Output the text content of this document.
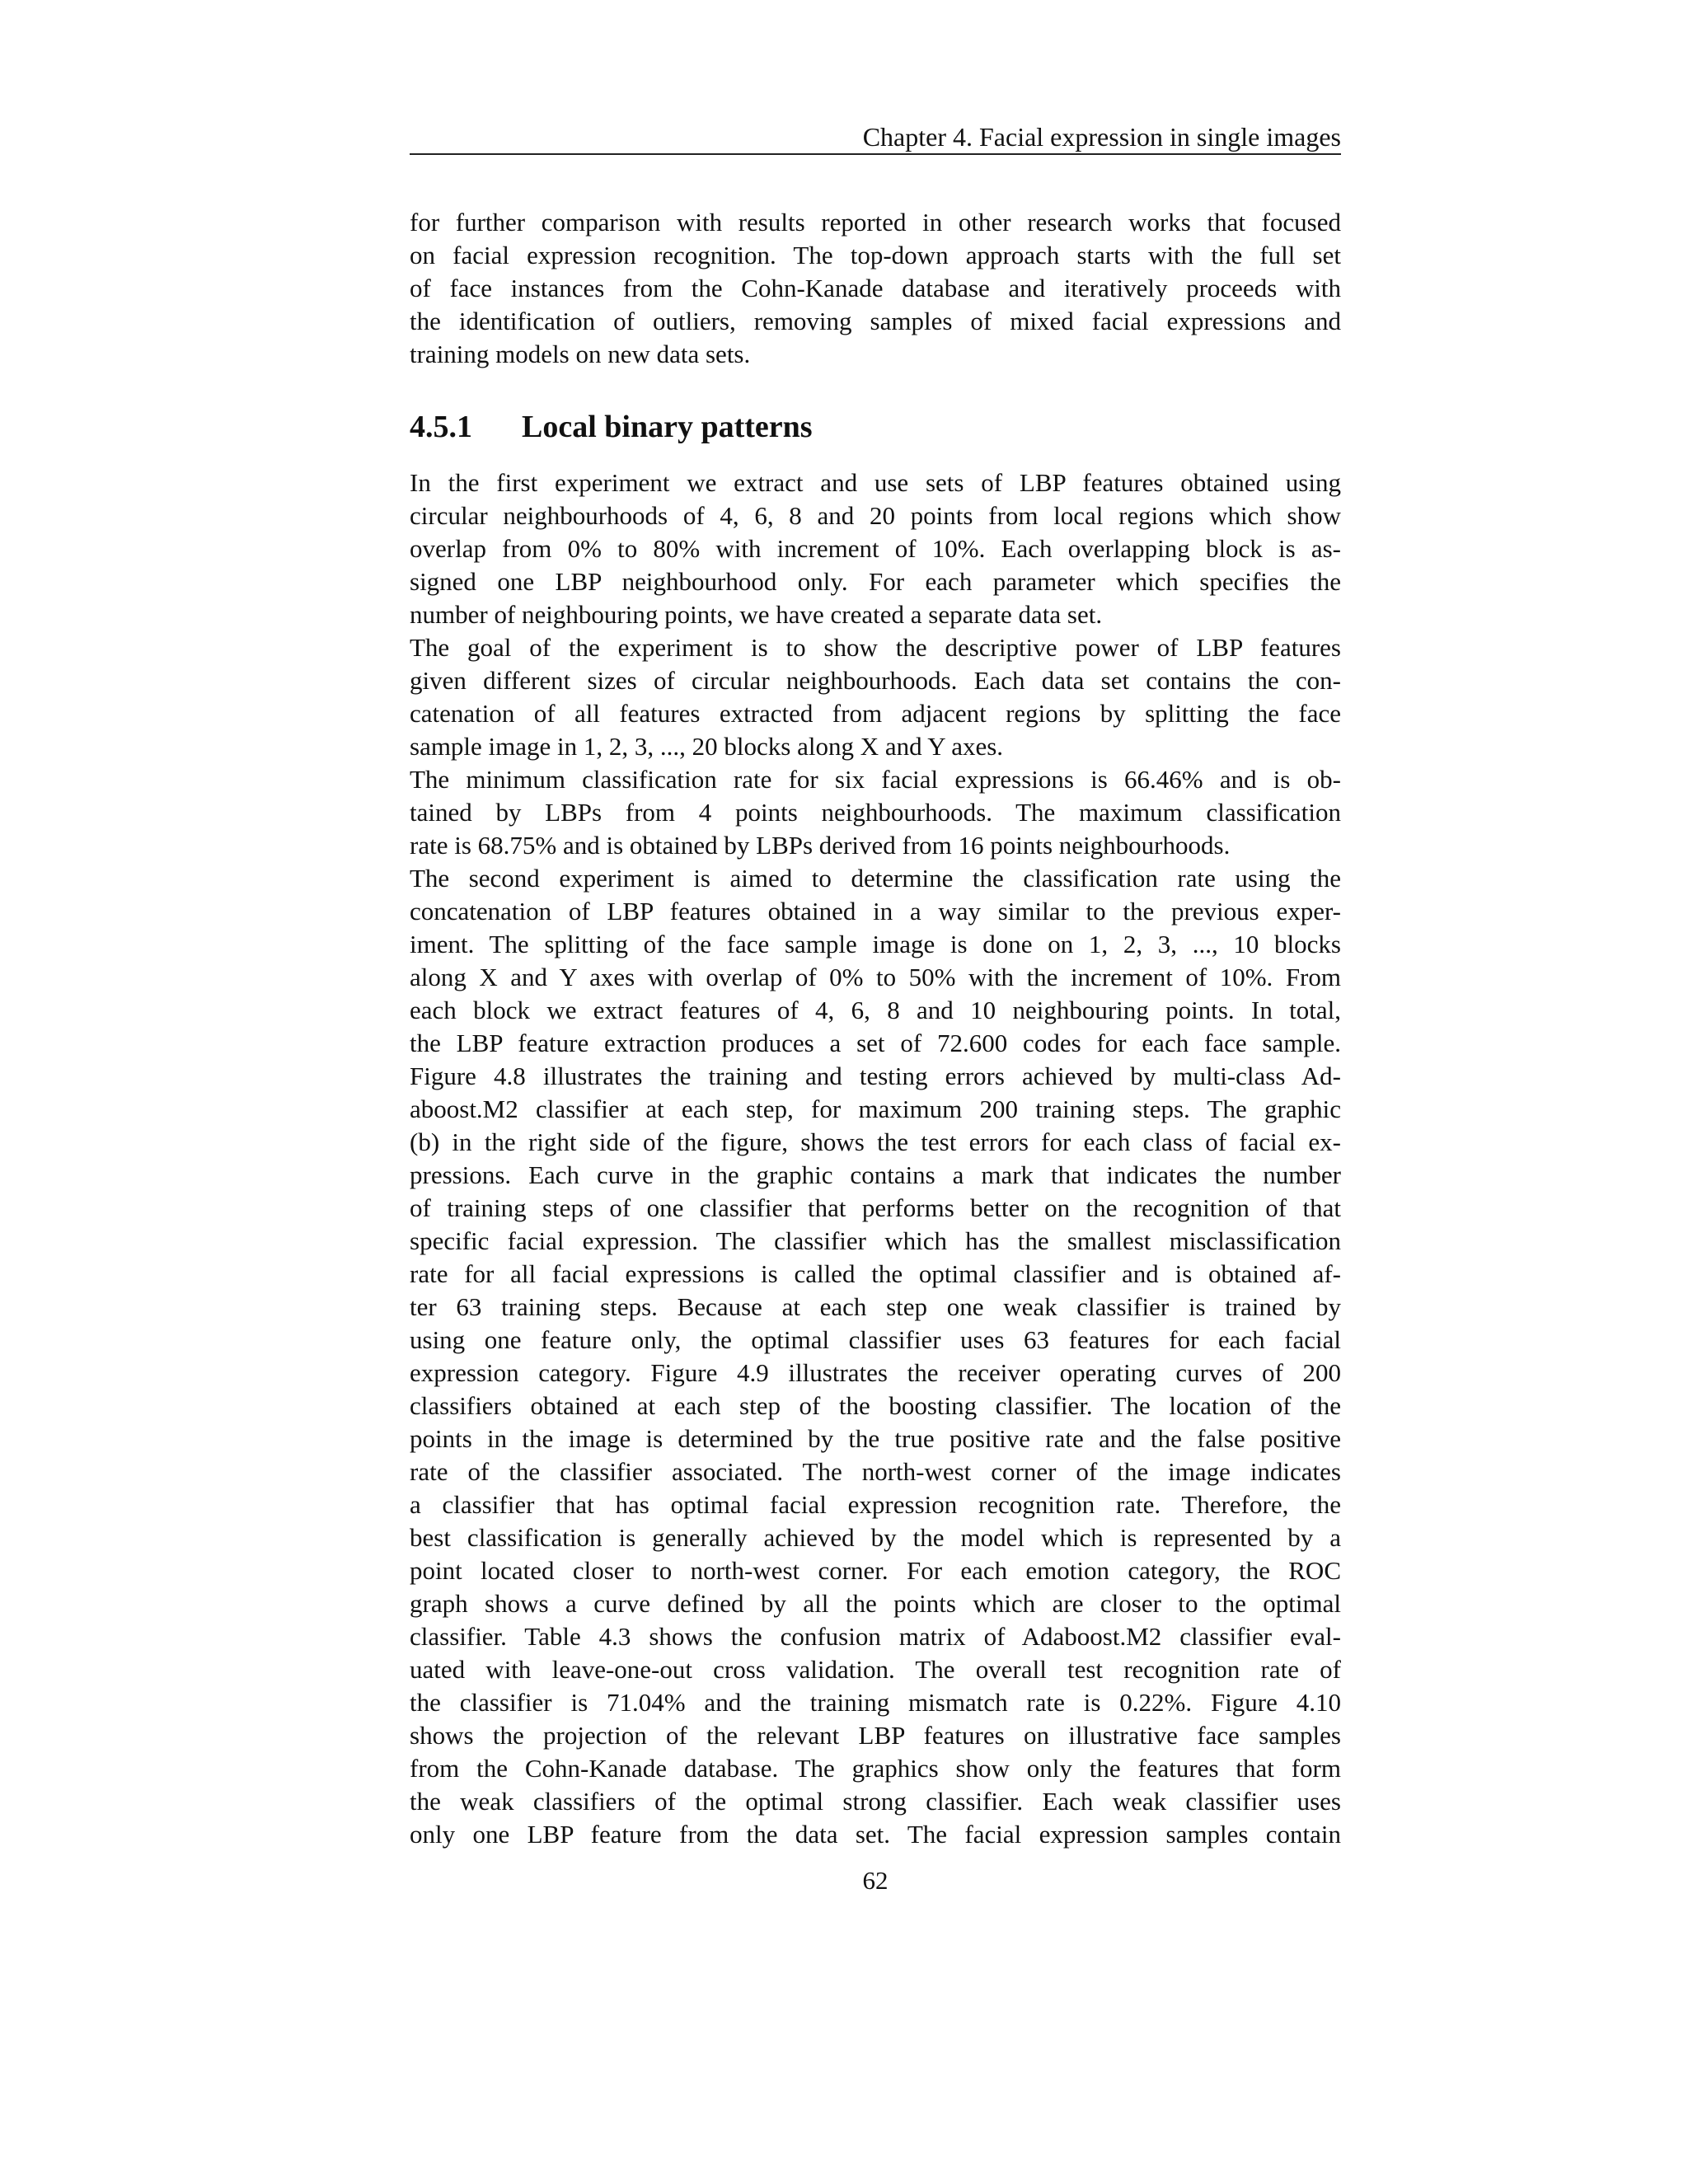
Chapter 4. Facial expression in single images
for further comparison with results reported in other research works that focused
on facial expression recognition. The top-down approach starts with the full set
of face instances from the Cohn-Kanade database and iteratively proceeds with
the identification of outliers, removing samples of mixed facial expressions and
training models on new data sets.
4.5.1 Local binary patterns
In the first experiment we extract and use sets of LBP features obtained using
circular neighbourhoods of 4, 6, 8 and 20 points from local regions which show
overlap from 0% to 80% with increment of 10%. Each overlapping block is as-
signed one LBP neighbourhood only. For each parameter which specifies the
number of neighbouring points, we have created a separate data set.
The goal of the experiment is to show the descriptive power of LBP features
given different sizes of circular neighbourhoods. Each data set contains the con-
catenation of all features extracted from adjacent regions by splitting the face
sample image in 1, 2, 3, ..., 20 blocks along X and Y axes.
The minimum classification rate for six facial expressions is 66.46% and is ob-
tained by LBPs from 4 points neighbourhoods. The maximum classification
rate is 68.75% and is obtained by LBPs derived from 16 points neighbourhoods.
The second experiment is aimed to determine the classification rate using the
concatenation of LBP features obtained in a way similar to the previous exper-
iment. The splitting of the face sample image is done on 1, 2, 3, ..., 10 blocks
along X and Y axes with overlap of 0% to 50% with the increment of 10%. From
each block we extract features of 4, 6, 8 and 10 neighbouring points. In total,
the LBP feature extraction produces a set of 72.600 codes for each face sample.
Figure 4.8 illustrates the training and testing errors achieved by multi-class Ad-
aboost.M2 classifier at each step, for maximum 200 training steps. The graphic
(b) in the right side of the figure, shows the test errors for each class of facial ex-
pressions. Each curve in the graphic contains a mark that indicates the number
of training steps of one classifier that performs better on the recognition of that
specific facial expression. The classifier which has the smallest misclassification
rate for all facial expressions is called the optimal classifier and is obtained af-
ter 63 training steps. Because at each step one weak classifier is trained by
using one feature only, the optimal classifier uses 63 features for each facial
expression category. Figure 4.9 illustrates the receiver operating curves of 200
classifiers obtained at each step of the boosting classifier. The location of the
points in the image is determined by the true positive rate and the false positive
rate of the classifier associated. The north-west corner of the image indicates
a classifier that has optimal facial expression recognition rate. Therefore, the
best classification is generally achieved by the model which is represented by a
point located closer to north-west corner. For each emotion category, the ROC
graph shows a curve defined by all the points which are closer to the optimal
classifier. Table 4.3 shows the confusion matrix of Adaboost.M2 classifier eval-
uated with leave-one-out cross validation. The overall test recognition rate of
the classifier is 71.04% and the training mismatch rate is 0.22%. Figure 4.10
shows the projection of the relevant LBP features on illustrative face samples
from the Cohn-Kanade database. The graphics show only the features that form
the weak classifiers of the optimal strong classifier. Each weak classifier uses
only one LBP feature from the data set. The facial expression samples contain
62
